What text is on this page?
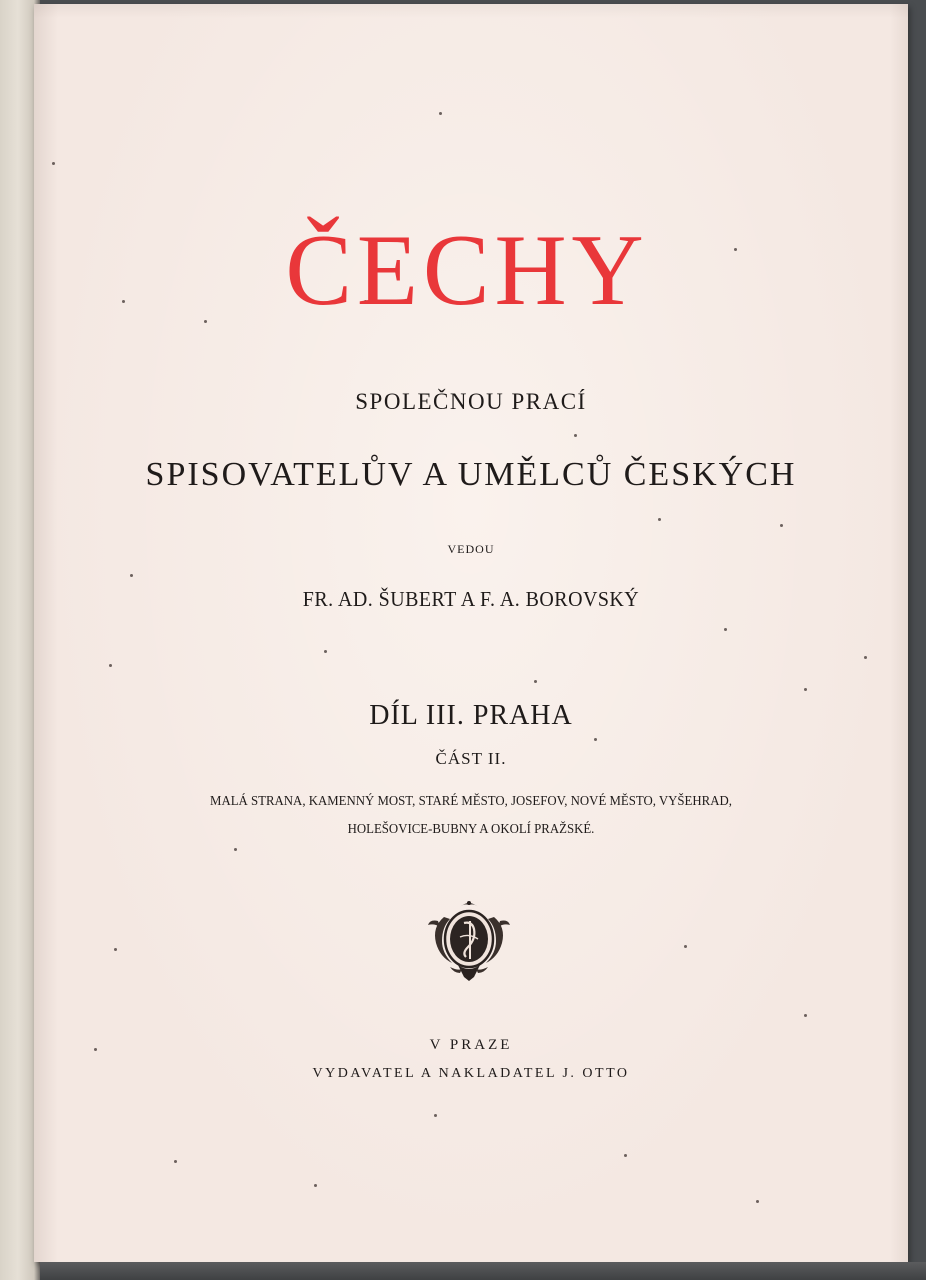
ČECHY
SPOLEČNOU PRACÍ
SPISOVATELŮV A UMĚLCŮ ČESKÝCH
VEDOU
FR. AD. ŠUBERT A F. A. BOROVSKÝ
DÍL III. PRAHA
ČÁST II.
MALÁ STRANA, KAMENNÝ MOST, STARÉ MĚSTO, JOSEFOV, NOVÉ MĚSTO, VYŠEHRAD,
HOLEŠOVICE-BUBNY A OKOLÍ PRAŽSKÉ.
V PRAZE
VYDAVATEL A NAKLADATEL J. OTTO
